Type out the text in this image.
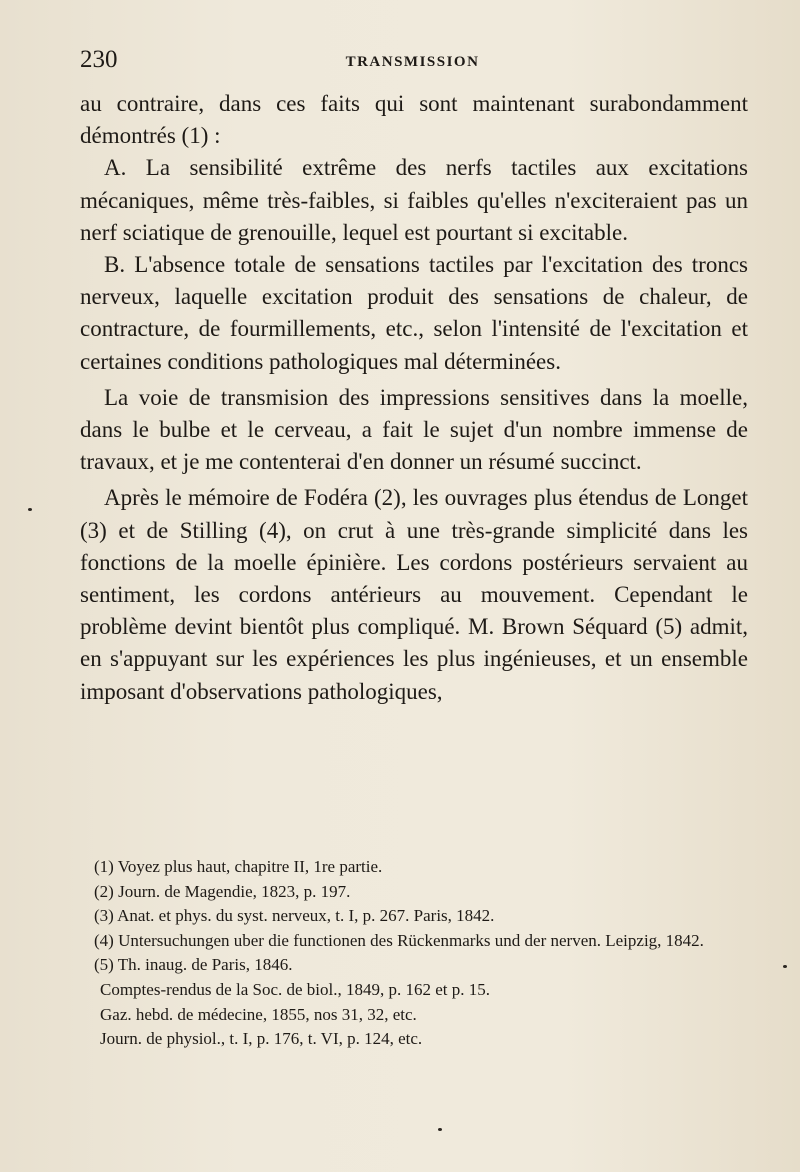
230	TRANSMISSION

au contraire, dans ces faits qui sont maintenant surabondamment démontrés (1) :

A. La sensibilité extrême des nerfs tactiles aux excitations mécaniques, même très-faibles, si faibles qu'elles n'exciteraient pas un nerf sciatique de grenouille, lequel est pourtant si excitable.

B. L'absence totale de sensations tactiles par l'excitation des troncs nerveux, laquelle excitation produit des sensations de chaleur, de contracture, de fourmillements, etc., selon l'intensité de l'excitation et certaines conditions pathologiques mal déterminées.

La voie de transmision des impressions sensitives dans la moelle, dans le bulbe et le cerveau, a fait le sujet d'un nombre immense de travaux, et je me contenterai d'en donner un résumé succinct.

Après le mémoire de Fodéra (2), les ouvrages plus étendus de Longet (3) et de Stilling (4), on crut à une très-grande simplicité dans les fonctions de la moelle épinière. Les cordons postérieurs servaient au sentiment, les cordons antérieurs au mouvement. Cependant le problème devint bientôt plus compliqué. M. Brown Séquard (5) admit, en s'appuyant sur les expériences les plus ingénieuses, et un ensemble imposant d'observations pathologiques,

(1) Voyez plus haut, chapitre II, 1re partie.

(2) Journ. de Magendie, 1823, p. 197.

(3) Anat. et phys. du syst. nerveux, t. I, p. 267. Paris, 1842.

(4) Untersuchungen uber die functionen des Rückenmarks und der nerven. Leipzig, 1842.

(5) Th. inaug. de Paris, 1846.

Comptes-rendus de la Soc. de biol., 1849, p. 162 et p. 15.

Gaz. hebd. de médecine, 1855, nos 31, 32, etc.

Journ. de physiol., t. I, p. 176, t. VI, p. 124, etc.
